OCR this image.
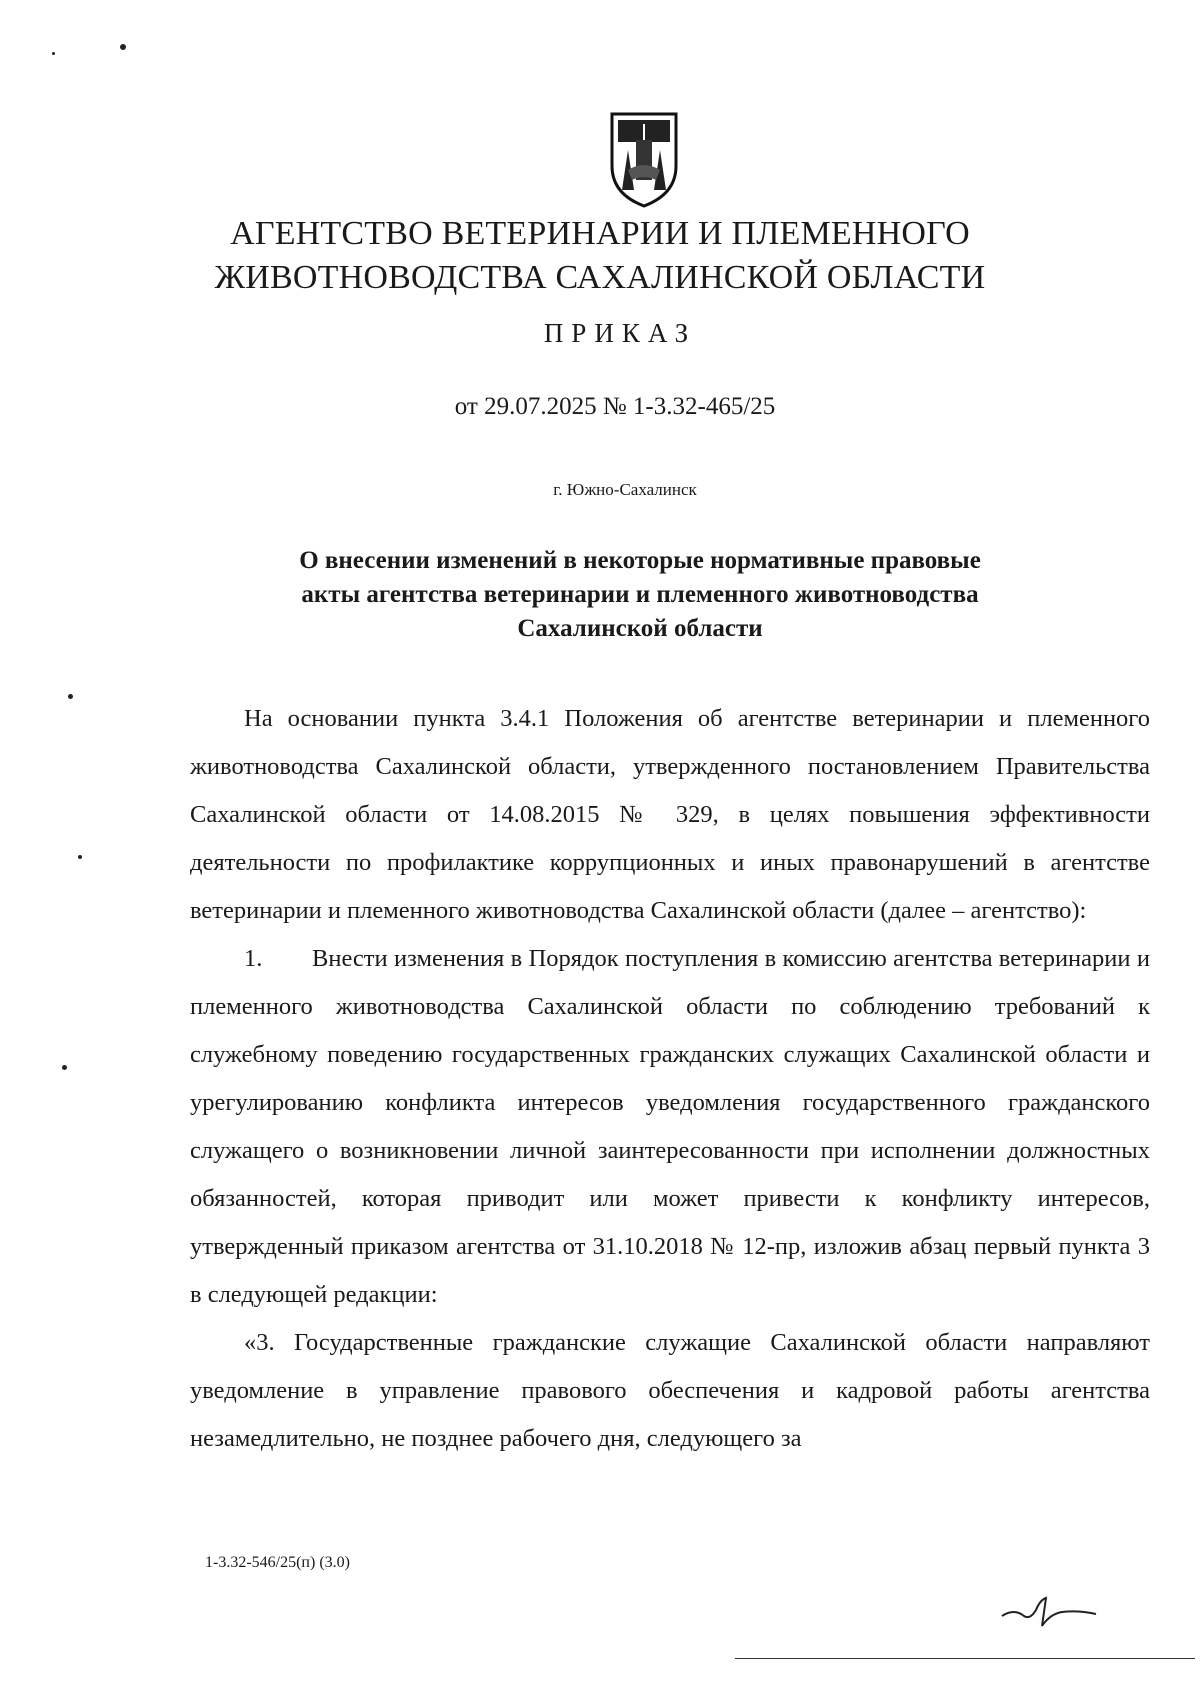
АГЕНТСТВО ВЕТЕРИНАРИИ И ПЛЕМЕННОГО
ЖИВОТНОВОДСТВА САХАЛИНСКОЙ ОБЛАСТИ
ПРИКАЗ
от 29.07.2025 № 1-3.32-465/25
г. Южно-Сахалинск
О внесении изменений в некоторые нормативные правовые
акты агентства ветеринарии и племенного животноводства
Сахалинской области

На основании пункта 3.4.1 Положения об агентстве ветеринарии и племенного животноводства Сахалинской области, утвержденного постановлением Правительства Сахалинской области от 14.08.2015 № 329, в целях повышения эффективности деятельности по профилактике коррупционных и иных правонарушений в агентстве ветеринарии и племенного животноводства Сахалинской области (далее – агентство):

1. Внести изменения в Порядок поступления в комиссию агентства ветеринарии и племенного животноводства Сахалинской области по соблюдению требований к служебному поведению государственных гражданских служащих Сахалинской области и урегулированию конфликта интересов уведомления государственного гражданского служащего о возникновении личной заинтересованности при исполнении должностных обязанностей, которая приводит или может привести к конфликту интересов, утвержденный приказом агентства от 31.10.2018 № 12-пр, изложив абзац первый пункта 3 в следующей редакции:

«3. Государственные гражданские служащие Сахалинской области направляют уведомление в управление правового обеспечения и кадровой работы агентства незамедлительно, не позднее рабочего дня, следующего за

1-3.32-546/25(п) (3.0)
